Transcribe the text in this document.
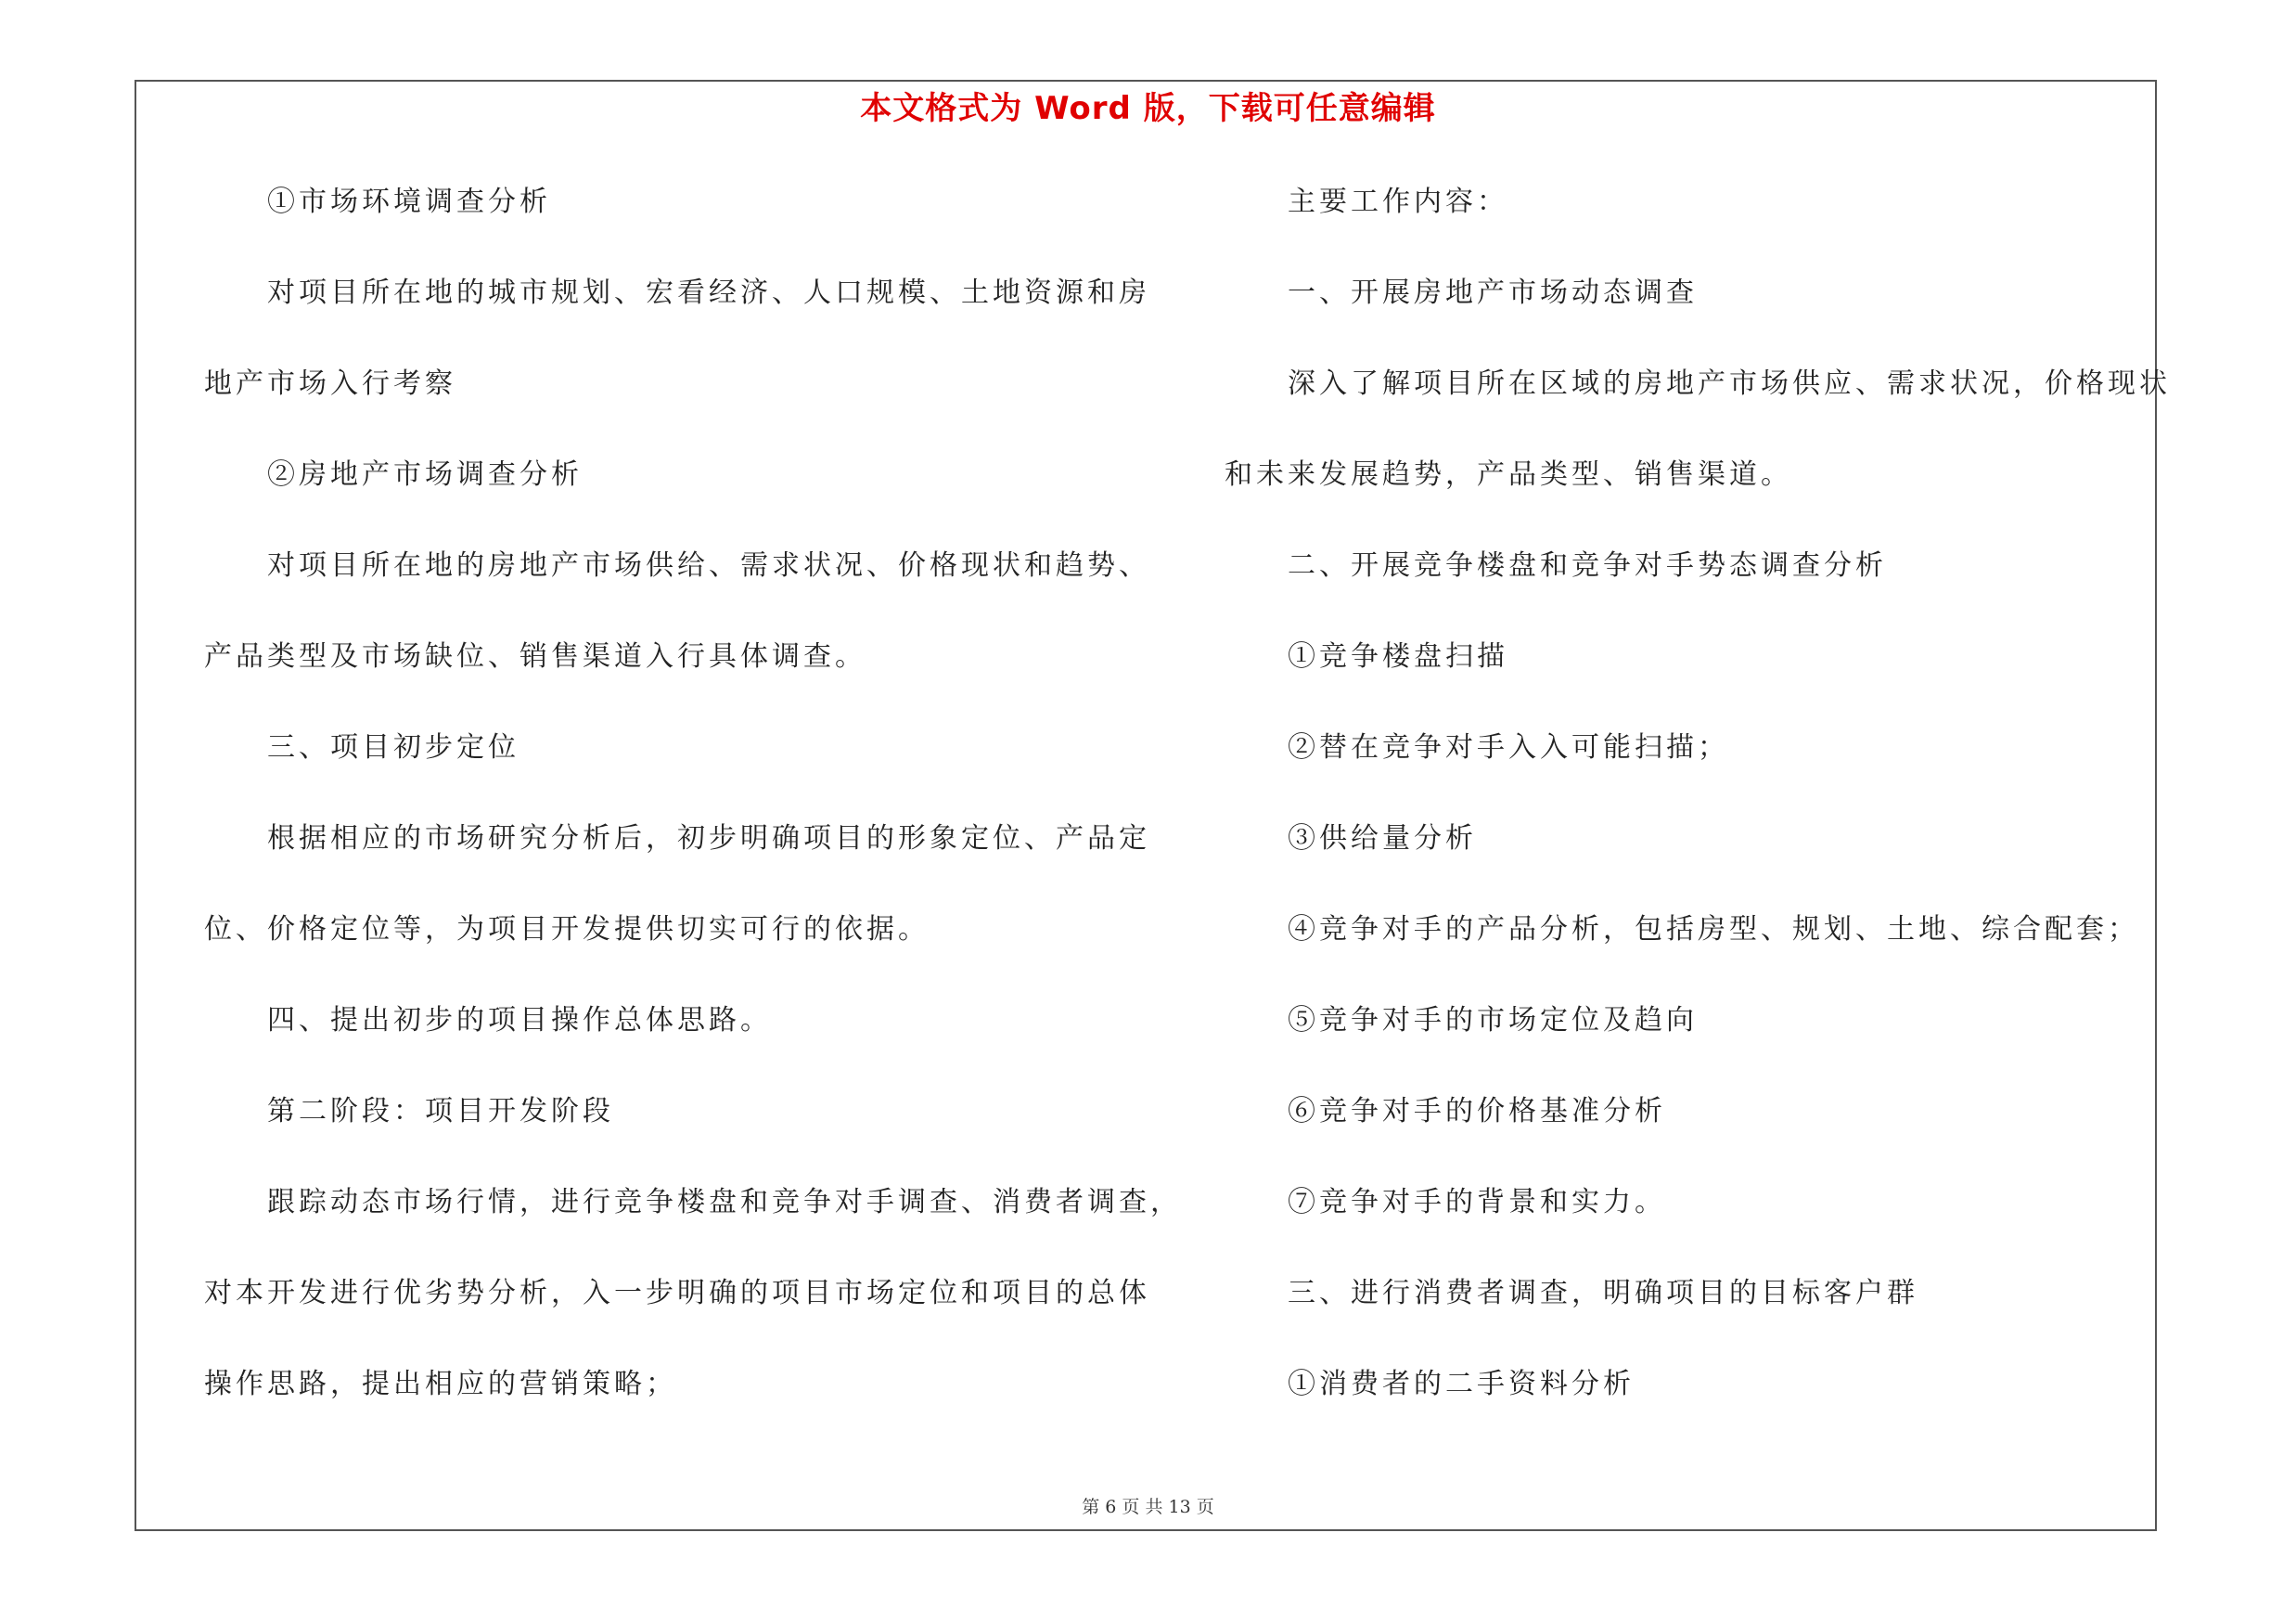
本文格式为 Word 版，下载可任意编辑
①市场环境调查分析
对项目所在地的城市规划、宏看经济、人口规模、土地资源和房
地产市场入行考察
②房地产市场调查分析
对项目所在地的房地产市场供给、需求状况、价格现状和趋势、
产品类型及市场缺位、销售渠道入行具体调查。
三、项目初步定位
根据相应的市场研究分析后，初步明确项目的形象定位、产品定
位、价格定位等，为项目开发提供切实可行的依据。
四、提出初步的项目操作总体思路。
第二阶段：项目开发阶段
跟踪动态市场行情，进行竞争楼盘和竞争对手调查、消费者调查，
对本开发进行优劣势分析，入一步明确的项目市场定位和项目的总体
操作思路，提出相应的营销策略；
主要工作内容：
一、开展房地产市场动态调查
深入了解项目所在区域的房地产市场供应、需求状况，价格现状
和未来发展趋势，产品类型、销售渠道。
二、开展竞争楼盘和竞争对手势态调查分析
①竞争楼盘扫描
②替在竞争对手入入可能扫描；
③供给量分析
④竞争对手的产品分析，包括房型、规划、土地、综合配套；
⑤竞争对手的市场定位及趋向
⑥竞争对手的价格基准分析
⑦竞争对手的背景和实力。
三、进行消费者调查，明确项目的目标客户群
①消费者的二手资料分析
第 6 页 共 13 页
